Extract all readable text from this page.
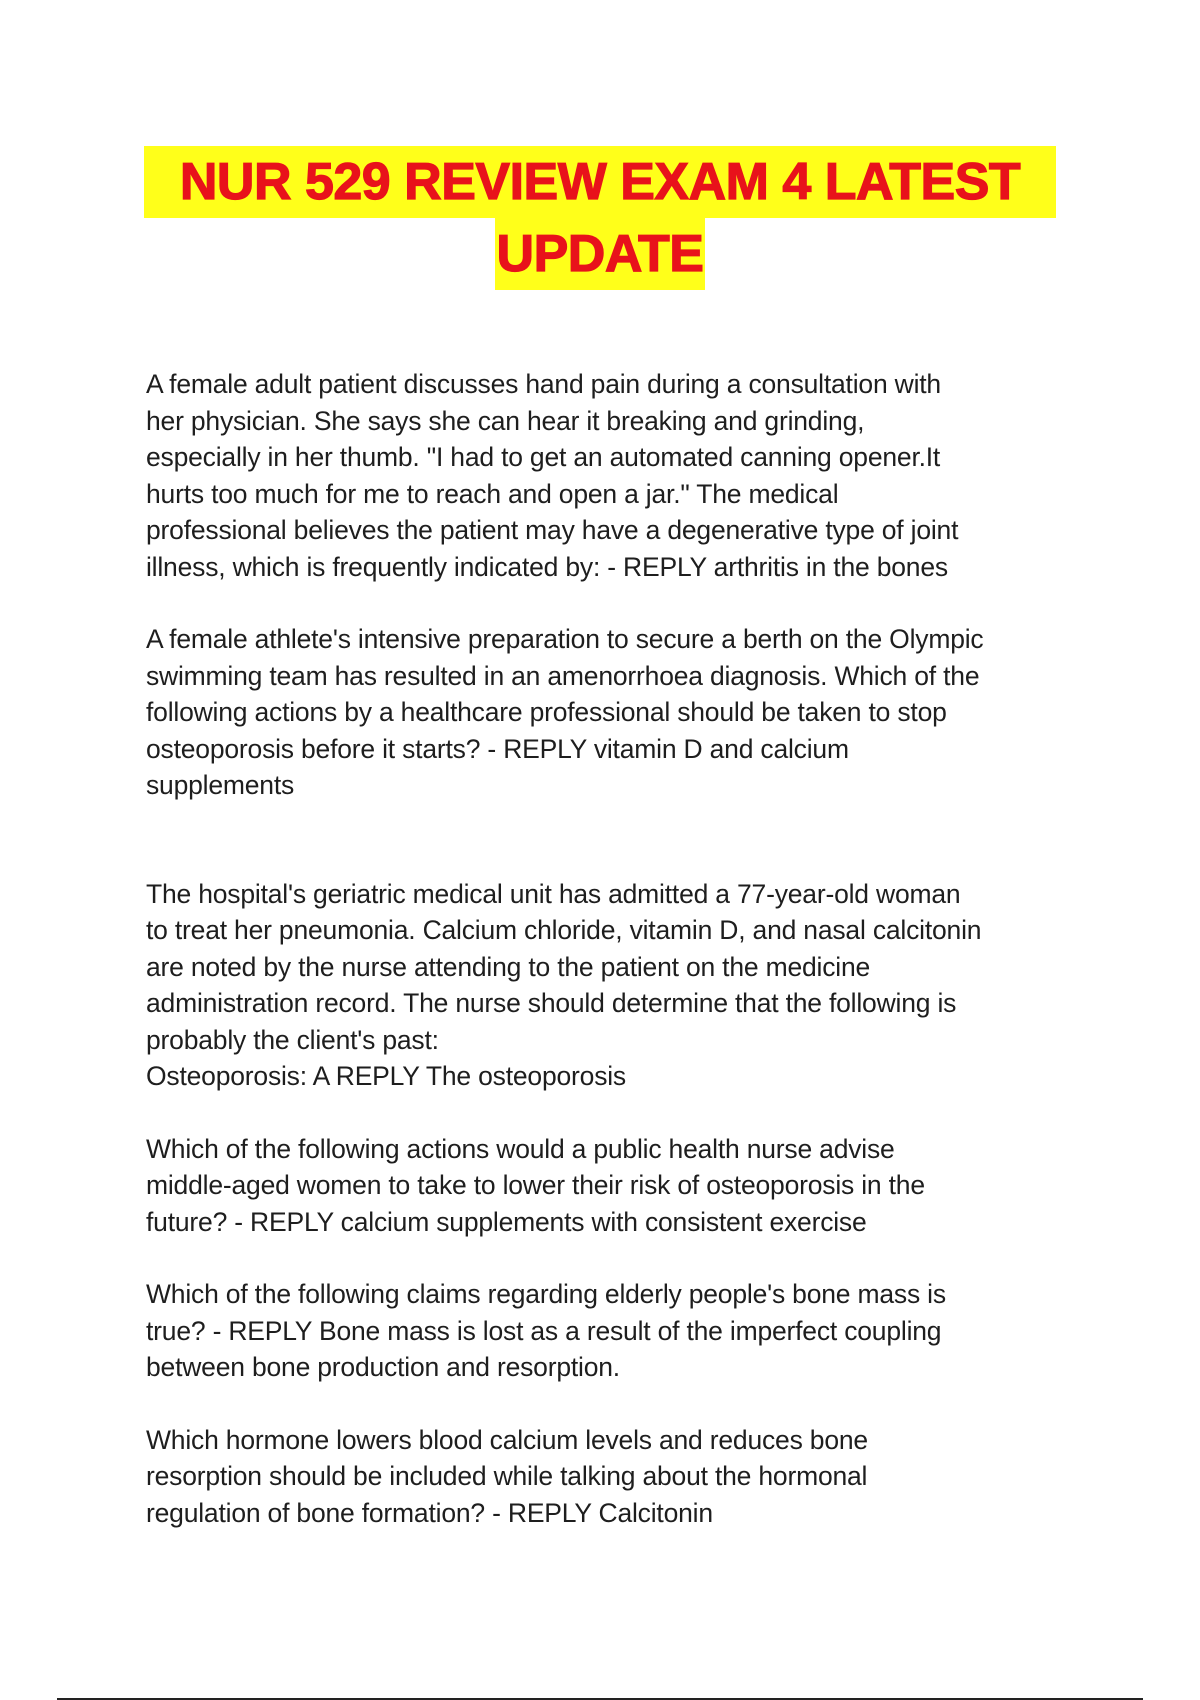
NUR 529 REVIEW EXAM 4 LATEST
UPDATE

A female adult patient discusses hand pain during a consultation with
her physician. She says she can hear it breaking and grinding,
especially in her thumb. "I had to get an automated canning opener.It
hurts too much for me to reach and open a jar." The medical
professional believes the patient may have a degenerative type of joint
illness, which is frequently indicated by: - REPLY arthritis in the bones

A female athlete's intensive preparation to secure a berth on the Olympic
swimming team has resulted in an amenorrhoea diagnosis. Which of the
following actions by a healthcare professional should be taken to stop
osteoporosis before it starts? - REPLY vitamin D and calcium
supplements

The hospital's geriatric medical unit has admitted a 77-year-old woman
to treat her pneumonia. Calcium chloride, vitamin D, and nasal calcitonin
are noted by the nurse attending to the patient on the medicine
administration record. The nurse should determine that the following is
probably the client's past:
Osteoporosis: A REPLY The osteoporosis

Which of the following actions would a public health nurse advise
middle-aged women to take to lower their risk of osteoporosis in the
future? - REPLY calcium supplements with consistent exercise

Which of the following claims regarding elderly people's bone mass is
true? - REPLY Bone mass is lost as a result of the imperfect coupling
between bone production and resorption.

Which hormone lowers blood calcium levels and reduces bone
resorption should be included while talking about the hormonal
regulation of bone formation? - REPLY Calcitonin
